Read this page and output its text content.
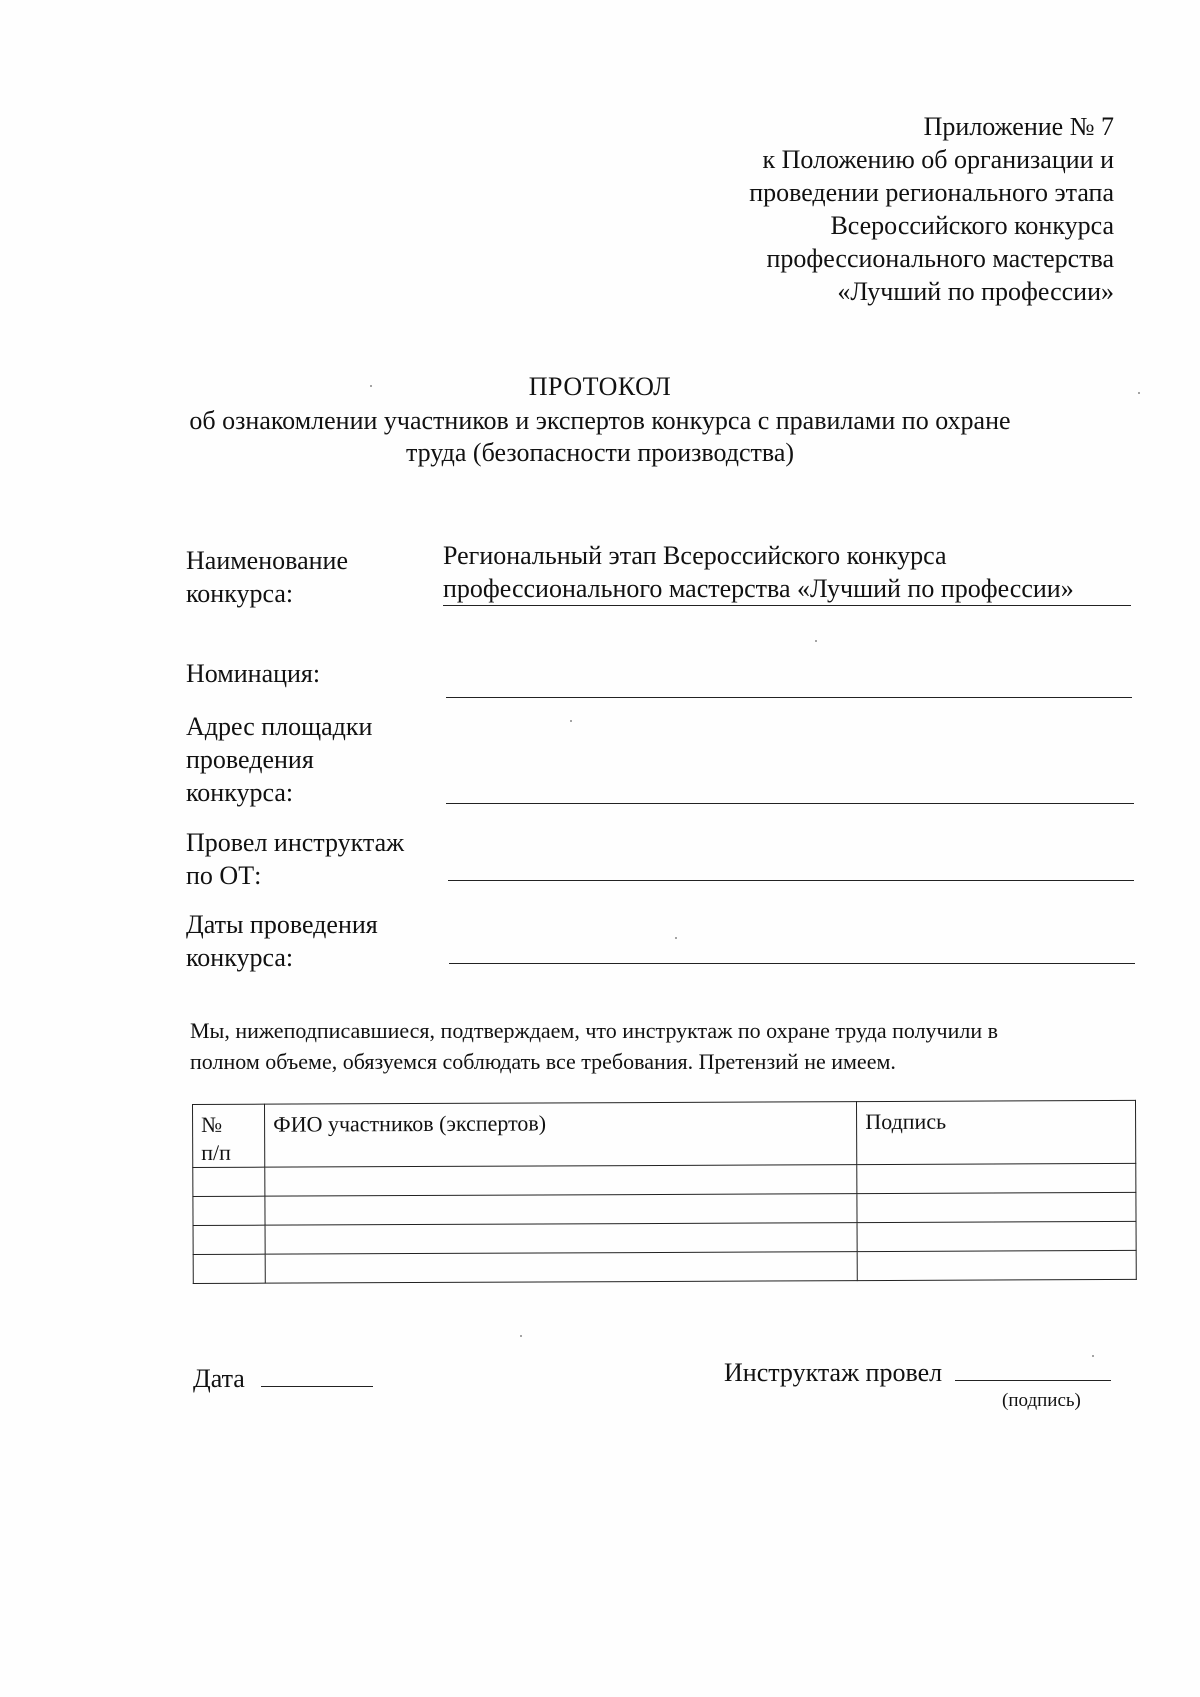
Приложение № 7
к Положению об организации и
проведении регионального этапа
Всероссийского конкурса
профессионального мастерства
«Лучший по профессии»
ПРОТОКОЛ
об ознакомлении участников и экспертов конкурса с правилами по охране
труда (безопасности производства)
Наименование
конкурса:
Региональный этап Всероссийского конкурса
профессионального мастерства «Лучший по профессии»
Номинация:
Адрес площадки
проведения
конкурса:
Провел инструктаж
по ОТ:
Даты проведения
конкурса:
Мы, нижеподписавшиеся, подтверждаем, что инструктаж по охране труда получили в
полном объеме, обязуемся соблюдать все требования. Претензий не имеем.
№
п/п	ФИО участников (экспертов)	Подпись

Дата	Инструктаж провел
(подпись)
